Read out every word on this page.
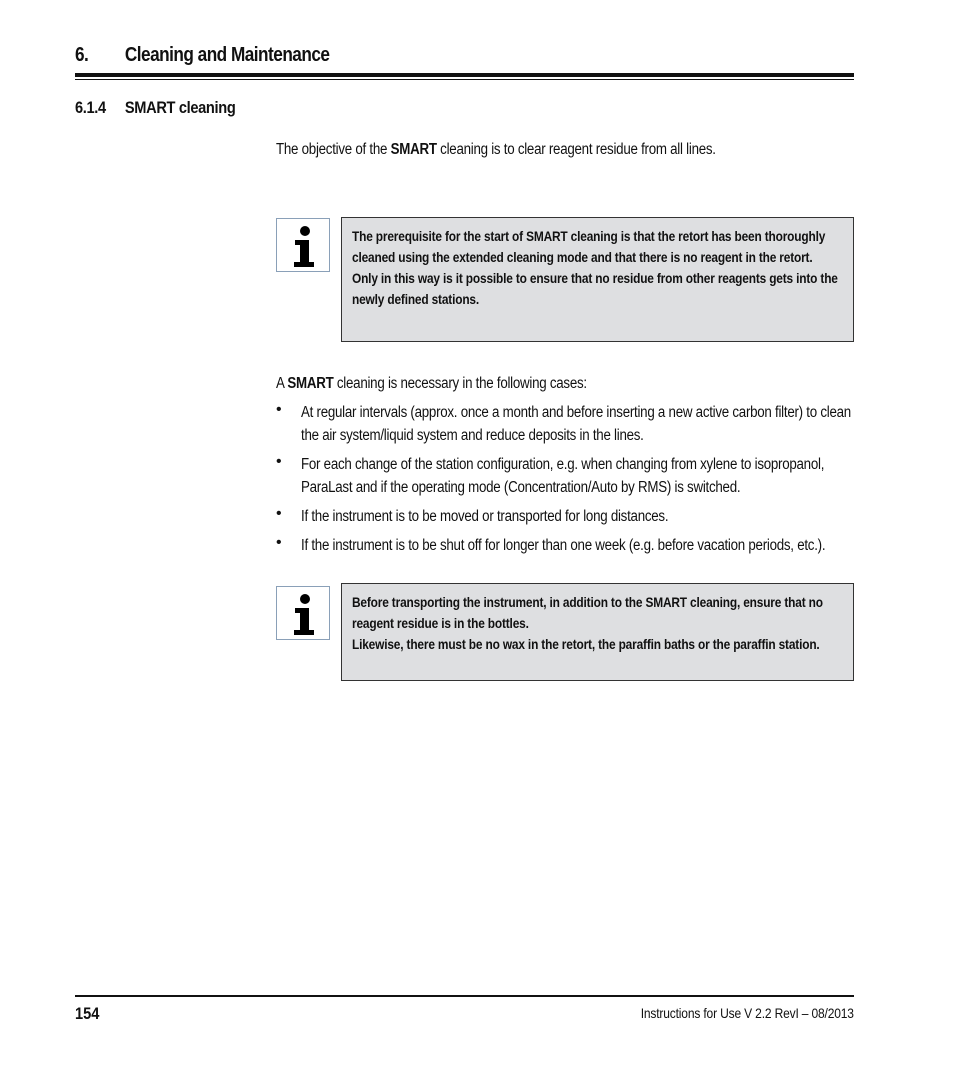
6. Cleaning and Maintenance
6.1.4 SMART cleaning
The objective of the SMART cleaning is to clear reagent residue from all lines.
The prerequisite for the start of SMART cleaning is that the retort has been thoroughly cleaned using the extended cleaning mode and that there is no reagent in the retort.
Only in this way is it possible to ensure that no residue from other reagents gets into the newly defined stations.
A SMART cleaning is necessary in the following cases:
• At regular intervals (approx. once a month and before inserting a new active carbon filter) to clean the air system/liquid system and reduce deposits in the lines.
• For each change of the station configuration, e.g. when changing from xylene to isopropanol, ParaLast and if the operating mode (Concentration/Auto by RMS) is switched.
• If the instrument is to be moved or transported for long distances.
• If the instrument is to be shut off for longer than one week (e.g. before vacation periods, etc.).
Before transporting the instrument, in addition to the SMART cleaning, ensure that no reagent residue is in the bottles.
Likewise, there must be no wax in the retort, the paraffin baths or the paraffin station.
154	Instructions for Use V 2.2 RevI – 08/2013
